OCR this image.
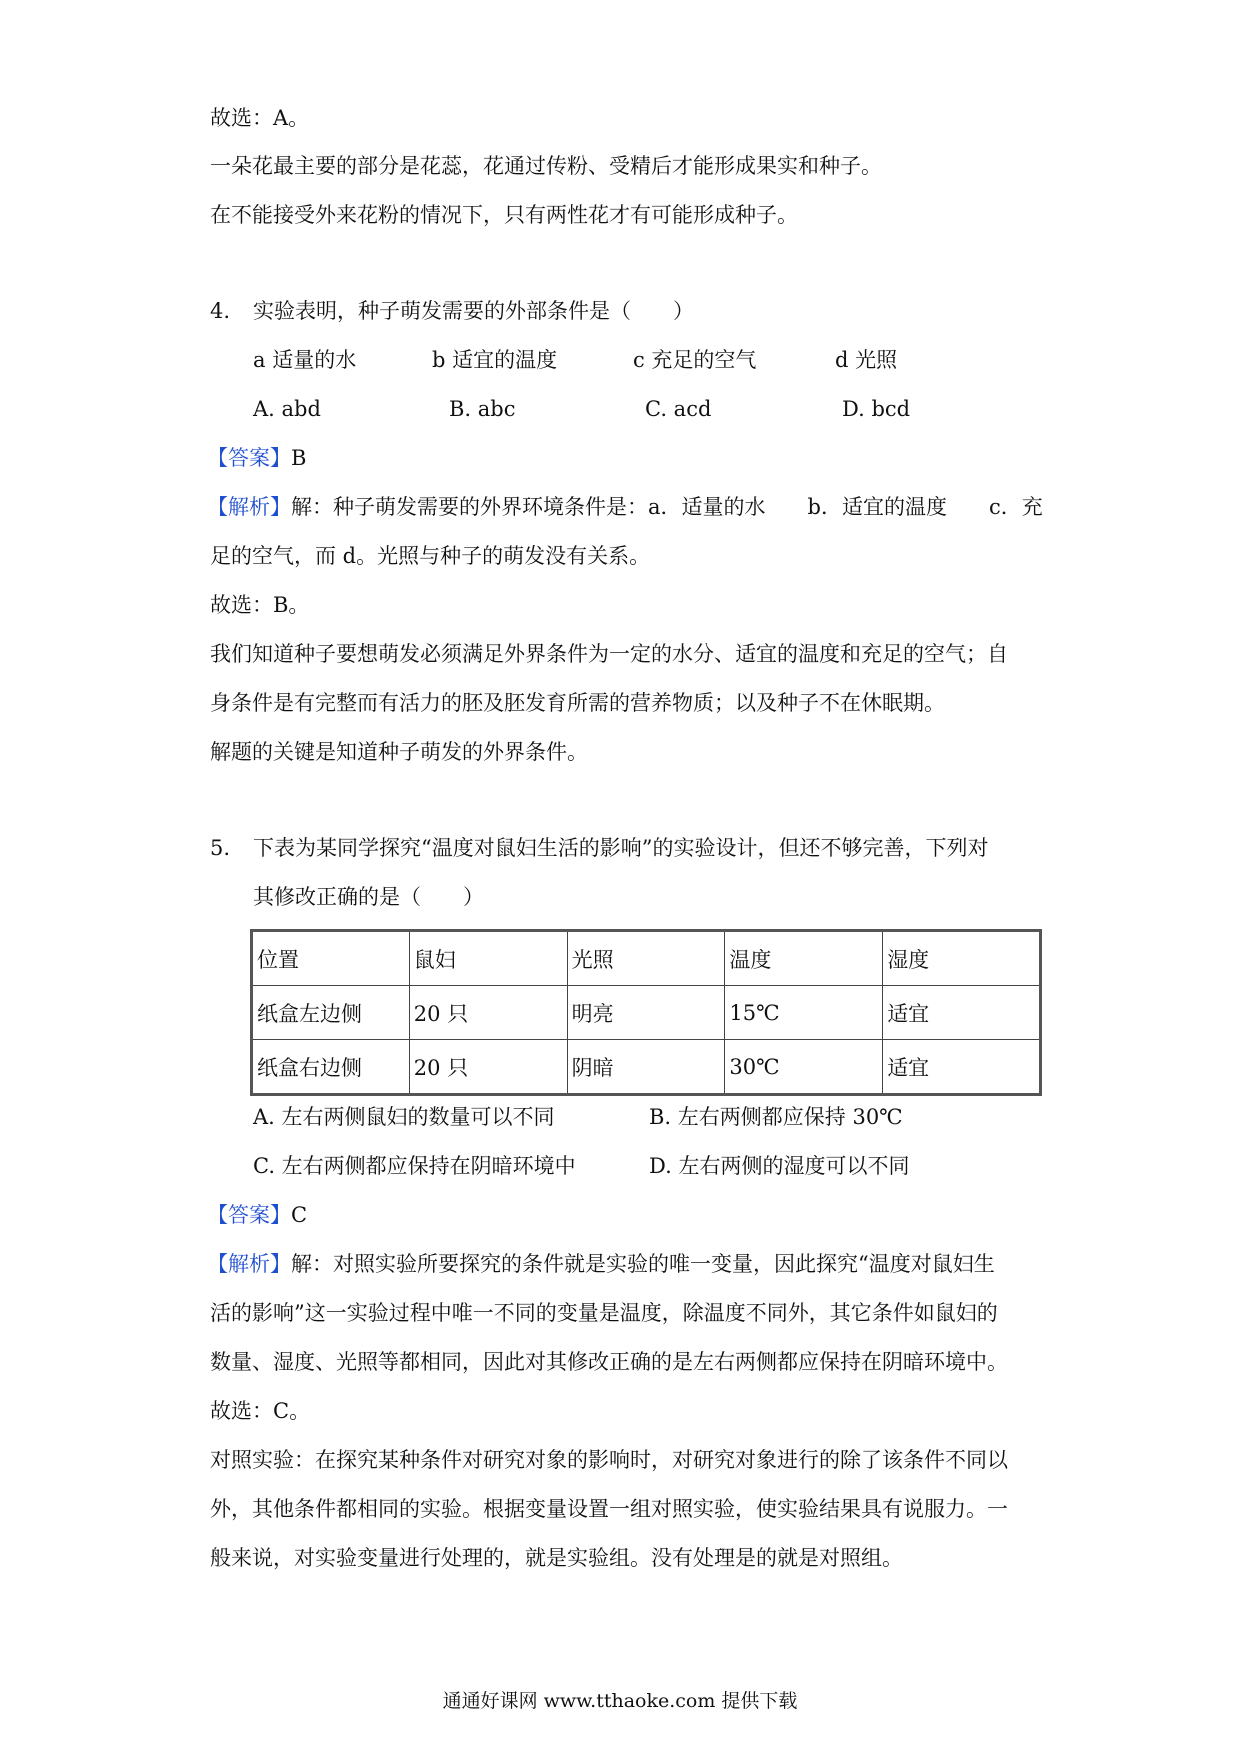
故选：A。
一朵花最主要的部分是花蕊，花通过传粉、受精后才能形成果实和种子。
在不能接受外来花粉的情况下，只有两性花才有可能形成种子。
4. 实验表明，种子萌发需要的外部条件是（　　）
a 适量的水	b 适宜的温度	c 充足的空气	d 光照
A. abd	B. abc	C. acd	D. bcd
【答案】B
【解析】解：种子萌发需要的外界环境条件是：a．适量的水　　b．适宜的温度　　c．充
足的空气，而 d。光照与种子的萌发没有关系。
故选：B。
我们知道种子要想萌发必须满足外界条件为一定的水分、适宜的温度和充足的空气；自
身条件是有完整而有活力的胚及胚发育所需的营养物质；以及种子不在休眠期。
解题的关键是知道种子萌发的外界条件。
5. 下表为某同学探究“温度对鼠妇生活的影响”的实验设计，但还不够完善，下列对
其修改正确的是（　　）
位置	鼠妇	光照	温度	湿度
纸盒左边侧	20 只	明亮	15℃	适宜
纸盒右边侧	20 只	阴暗	30℃	适宜
A. 左右两侧鼠妇的数量可以不同	B. 左右两侧都应保持 30℃
C. 左右两侧都应保持在阴暗环境中	D. 左右两侧的湿度可以不同
【答案】C
【解析】解：对照实验所要探究的条件就是实验的唯一变量，因此探究“温度对鼠妇生
活的影响”这一实验过程中唯一不同的变量是温度，除温度不同外，其它条件如鼠妇的
数量、湿度、光照等都相同，因此对其修改正确的是左右两侧都应保持在阴暗环境中。
故选：C。
对照实验：在探究某种条件对研究对象的影响时，对研究对象进行的除了该条件不同以
外，其他条件都相同的实验。根据变量设置一组对照实验，使实验结果具有说服力。一
般来说，对实验变量进行处理的，就是实验组。没有处理是的就是对照组。
通通好课网 www.tthaoke.com 提供下载
